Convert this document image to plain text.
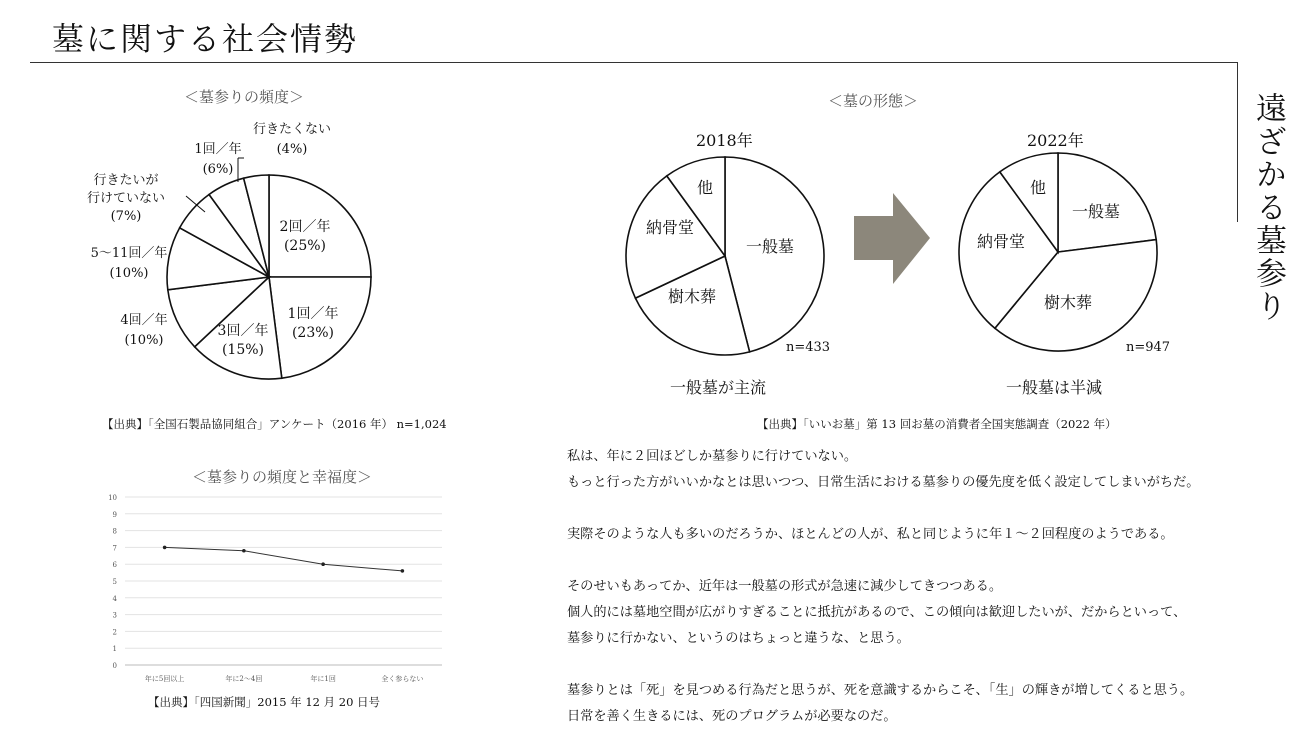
墓に関する社会情勢
遠ざかる墓参り
＜墓参りの頻度＞
2回／年
(25%)
1回／年
(23%)
3回／年
(15%)
4回／年
(10%)
5～11回／年
(10%)
行きたいが
行けていない
(7%)
1回／年
(6%)
行きたくない
(4%)
【出典】「全国石製品協同組合」アンケート（2016 年） n=1,024
＜墓の形態＞
2018年	2022年
一般墓
樹木葬
納骨堂
他
n=433
一般墓が主流
一般墓
樹木葬
納骨堂
他
n=947
一般墓は半減
【出典】「いいお墓」第 13 回お墓の消費者全国実態調査（2022 年）
＜墓参りの頻度と幸福度＞
0
1
2
3
4
5
6
7
8
9
10
年に5回以上	年に2～4回	年に1回	全く参らない
【出典】「四国新聞」2015 年 12 月 20 日号

私は、年に２回ほどしか墓参りに行けていない。

もっと行った方がいいかなとは思いつつ、日常生活における墓参りの優先度を低く設定してしまいがちだ。

実際そのような人も多いのだろうか、ほとんどの人が、私と同じように年１～２回程度のようである。

そのせいもあってか、近年は一般墓の形式が急速に減少してきつつある。

個人的には墓地空間が広がりすぎることに抵抗があるので、この傾向は歓迎したいが、だからといって、

墓参りに行かない、というのはちょっと違うな、と思う。

墓参りとは「死」を見つめる行為だと思うが、死を意識するからこそ、「生」の輝きが増してくると思う。

日常を善く生きるには、死のプログラムが必要なのだ。
